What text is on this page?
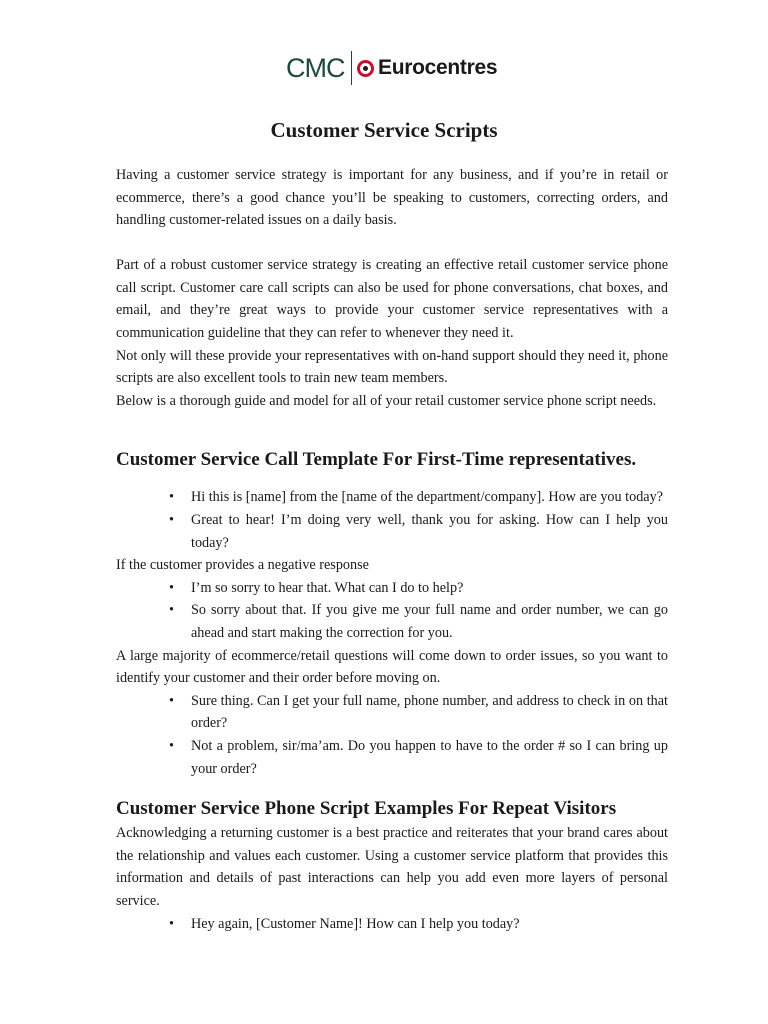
CMC Eurocentres
Customer Service Scripts

Having a customer service strategy is important for any business, and if you’re in retail or ecommerce, there’s a good chance you’ll be speaking to customers, correcting orders, and handling customer-related issues on a daily basis.

Part of a robust customer service strategy is creating an effective retail customer service phone call script. Customer care call scripts can also be used for phone conversations, chat boxes, and email, and they’re great ways to provide your customer service representatives with a communication guideline that they can refer to whenever they need it.

Not only will these provide your representatives with on-hand support should they need it, phone scripts are also excellent tools to train new team members.

Below is a thorough guide and model for all of your retail customer service phone script needs.

Customer Service Call Template For First-Time representatives.
• Hi this is [name] from the [name of the department/company]. How are you today?
• Great to hear! I’m doing very well, thank you for asking. How can I help you today?

If the customer provides a negative response

• I’m so sorry to hear that. What can I do to help?
• So sorry about that. If you give me your full name and order number, we can go ahead and start making the correction for you.

A large majority of ecommerce/retail questions will come down to order issues, so you want to identify your customer and their order before moving on.

• Sure thing. Can I get your full name, phone number, and address to check in on that order?
• Not a problem, sir/ma’am. Do you happen to have to the order # so I can bring up your order?
Customer Service Phone Script Examples For Repeat Visitors

Acknowledging a returning customer is a best practice and reiterates that your brand cares about the relationship and values each customer. Using a customer service platform that provides this information and details of past interactions can help you add even more layers of personal service.

• Hey again, [Customer Name]! How can I help you today?
